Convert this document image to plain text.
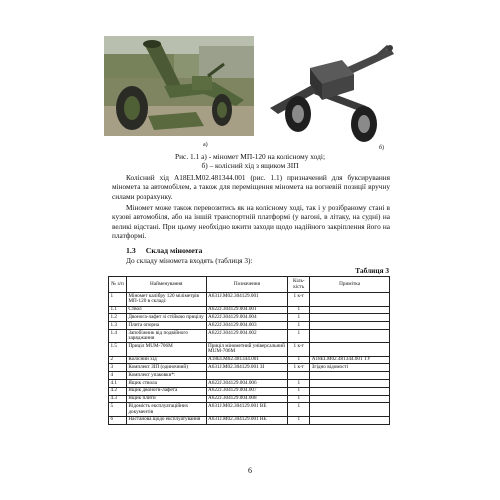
а)	б)
Рис. 1.1 а) - міномет МП-120 на колісному ході;
б) – колісний хід з ящиком ЗІП
Колісний хід А18ЕІ.М02.481344.001 (рис. 1.1) призначений для буксирування міномета за автомобілем, а також для переміщення міномета на вогневій позиції вручну силами розрахунку.
Міномет може також перевозитись як на колісному ході, так і у розібраному стані в кузові автомобіля, або на іншій транспортній платформі (у вагоні, в літаку, на судні) на великі відстані. При цьому необхідно вжити заходи щодо надійного закріплення його на платформі.
1.3 Склад міномета
До складу міномета входять (таблиця 3):
Таблиця 3
№ з/п	Найменування	Позначення	Кіль-кість	Примітка
1	Міномет калібру 120 міліметрів МП-120 в складі:	А631J.М02.304129.001	1 к-т	
1.1	Ствол	А622J.304129.004.001	1	
1.2	Двонога-лафет зі стійкою прицілу	А622J.304129.004.004	1	
1.3	Плита опорна	А622J.304129.004.003	1	
1.4	Запобіжник від подвійного заряджання	А622J.304129.004.002	1	
1.5	Приціл MUM-706M	Приціл мінометний універсальний MUM-706M	1 к-т	
2	Колісний хід	А18ЕІ.М02.481344.001	1	А18ЕІ.М02.481344.001 ТУ
3	Комплект ЗІП (одиночний)	А631J.М02.304129.001 ЗІ	1 к-т	Згідно відомості
4	Комплект упаковки*:			
4.1	Ящик ствола	А622J.304129.004.006	1	
4.2	Ящик двоноги-лафета	А622J.304129.004.007	1	
4.3	Ящик плити	А622J.304129.004.008	1	
5	Відомість експлуатаційних документів	А631J.М02.304129.001 ВЕ	1	
6	Настанова щодо експлуатування	А631J.М02.304129.001 НЕ	1	
6
